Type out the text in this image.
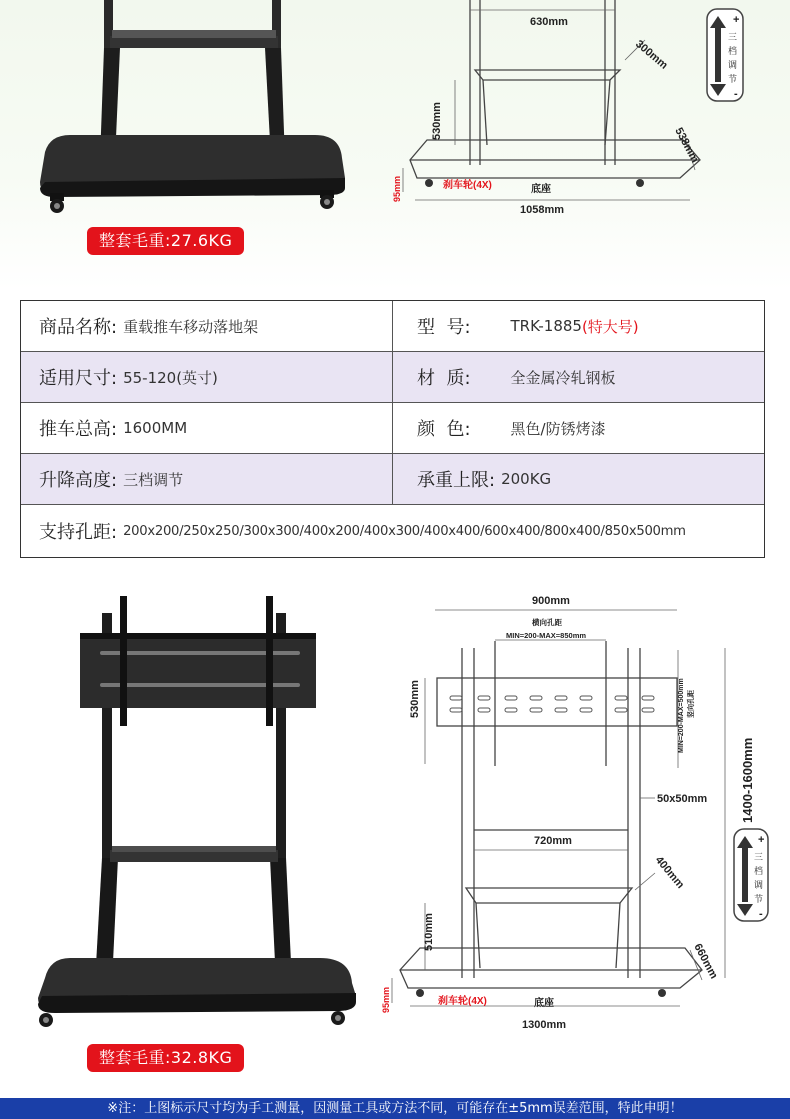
整套毛重:27.6KG
630mm
300mm
530mm
538mm
95mm	刹车轮(4X)	底座
1058mm
+
-
三
档
调
节
商品名称: 重载推车移动落地架	型  号:	TRK-1885 (特大号)
适用尺寸: 55-120(英寸)	材  质:	全金属冷轧钢板
推车总高: 1600MM	颜  色:	黑色/防锈烤漆
升降高度: 三档调节	承重上限: 200KG
支持孔距: 200x200/250x250/300x300/400x200/400x300/400x400/600x400/800x400/850x500mm
整套毛重:32.8KG
900mm
横向孔距
MIN=200-MAX=850mm
MIN=200-MAX=500mm 竖向孔距
530mm
1400-1600mm
50x50mm
720mm
400mm
510mm
660mm
95mm	刹车轮(4X)	底座
1300mm
+
-
三
档
调
节
※注：上图标示尺寸均为手工测量，因测量工具或方法不同，可能存在±5mm误差范围，特此申明！
